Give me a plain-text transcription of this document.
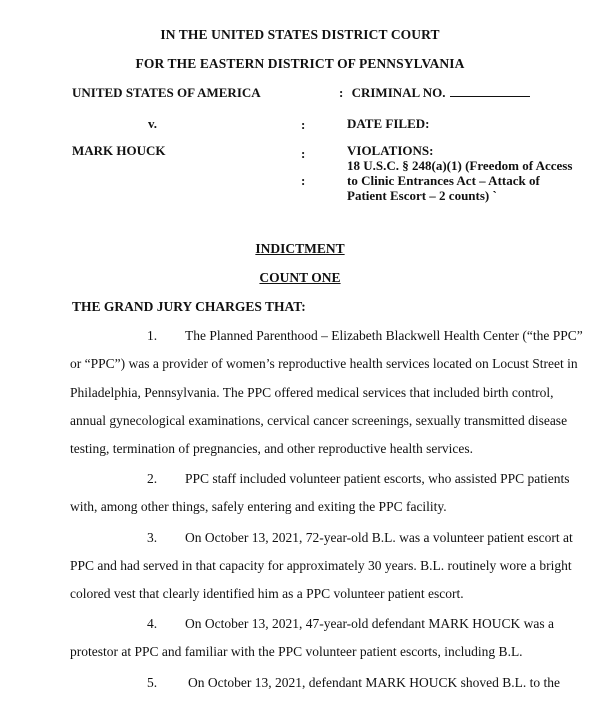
IN THE UNITED STATES DISTRICT COURT
FOR THE EASTERN DISTRICT OF PENNSYLVANIA
UNITED STATES OF AMERICA
v.
MARK HOUCK
:
:
:
: CRIMINAL NO.
DATE FILED:
VIOLATIONS:
18 U.S.C. § 248(a)(1) (Freedom of Access
to Clinic Entrances Act – Attack of
Patient Escort – 2 counts) `
INDICTMENT
COUNT ONE
THE GRAND JURY CHARGES THAT:
1. The Planned Parenthood – Elizabeth Blackwell Health Center (“the PPC”
or “PPC”) was a provider of women’s reproductive health services located on Locust Street in
Philadelphia, Pennsylvania. The PPC offered medical services that included birth control,
annual gynecological examinations, cervical cancer screenings, sexually transmitted disease
testing, termination of pregnancies, and other reproductive health services.
2. PPC staff included volunteer patient escorts, who assisted PPC patients
with, among other things, safely entering and exiting the PPC facility.
3. On October 13, 2021, 72-year-old B.L. was a volunteer patient escort at
PPC and had served in that capacity for approximately 30 years. B.L. routinely wore a bright
colored vest that clearly identified him as a PPC volunteer patient escort.
4. On October 13, 2021, 47-year-old defendant MARK HOUCK was a
protestor at PPC and familiar with the PPC volunteer patient escorts, including B.L.
5. On October 13, 2021, defendant MARK HOUCK shoved B.L. to the
